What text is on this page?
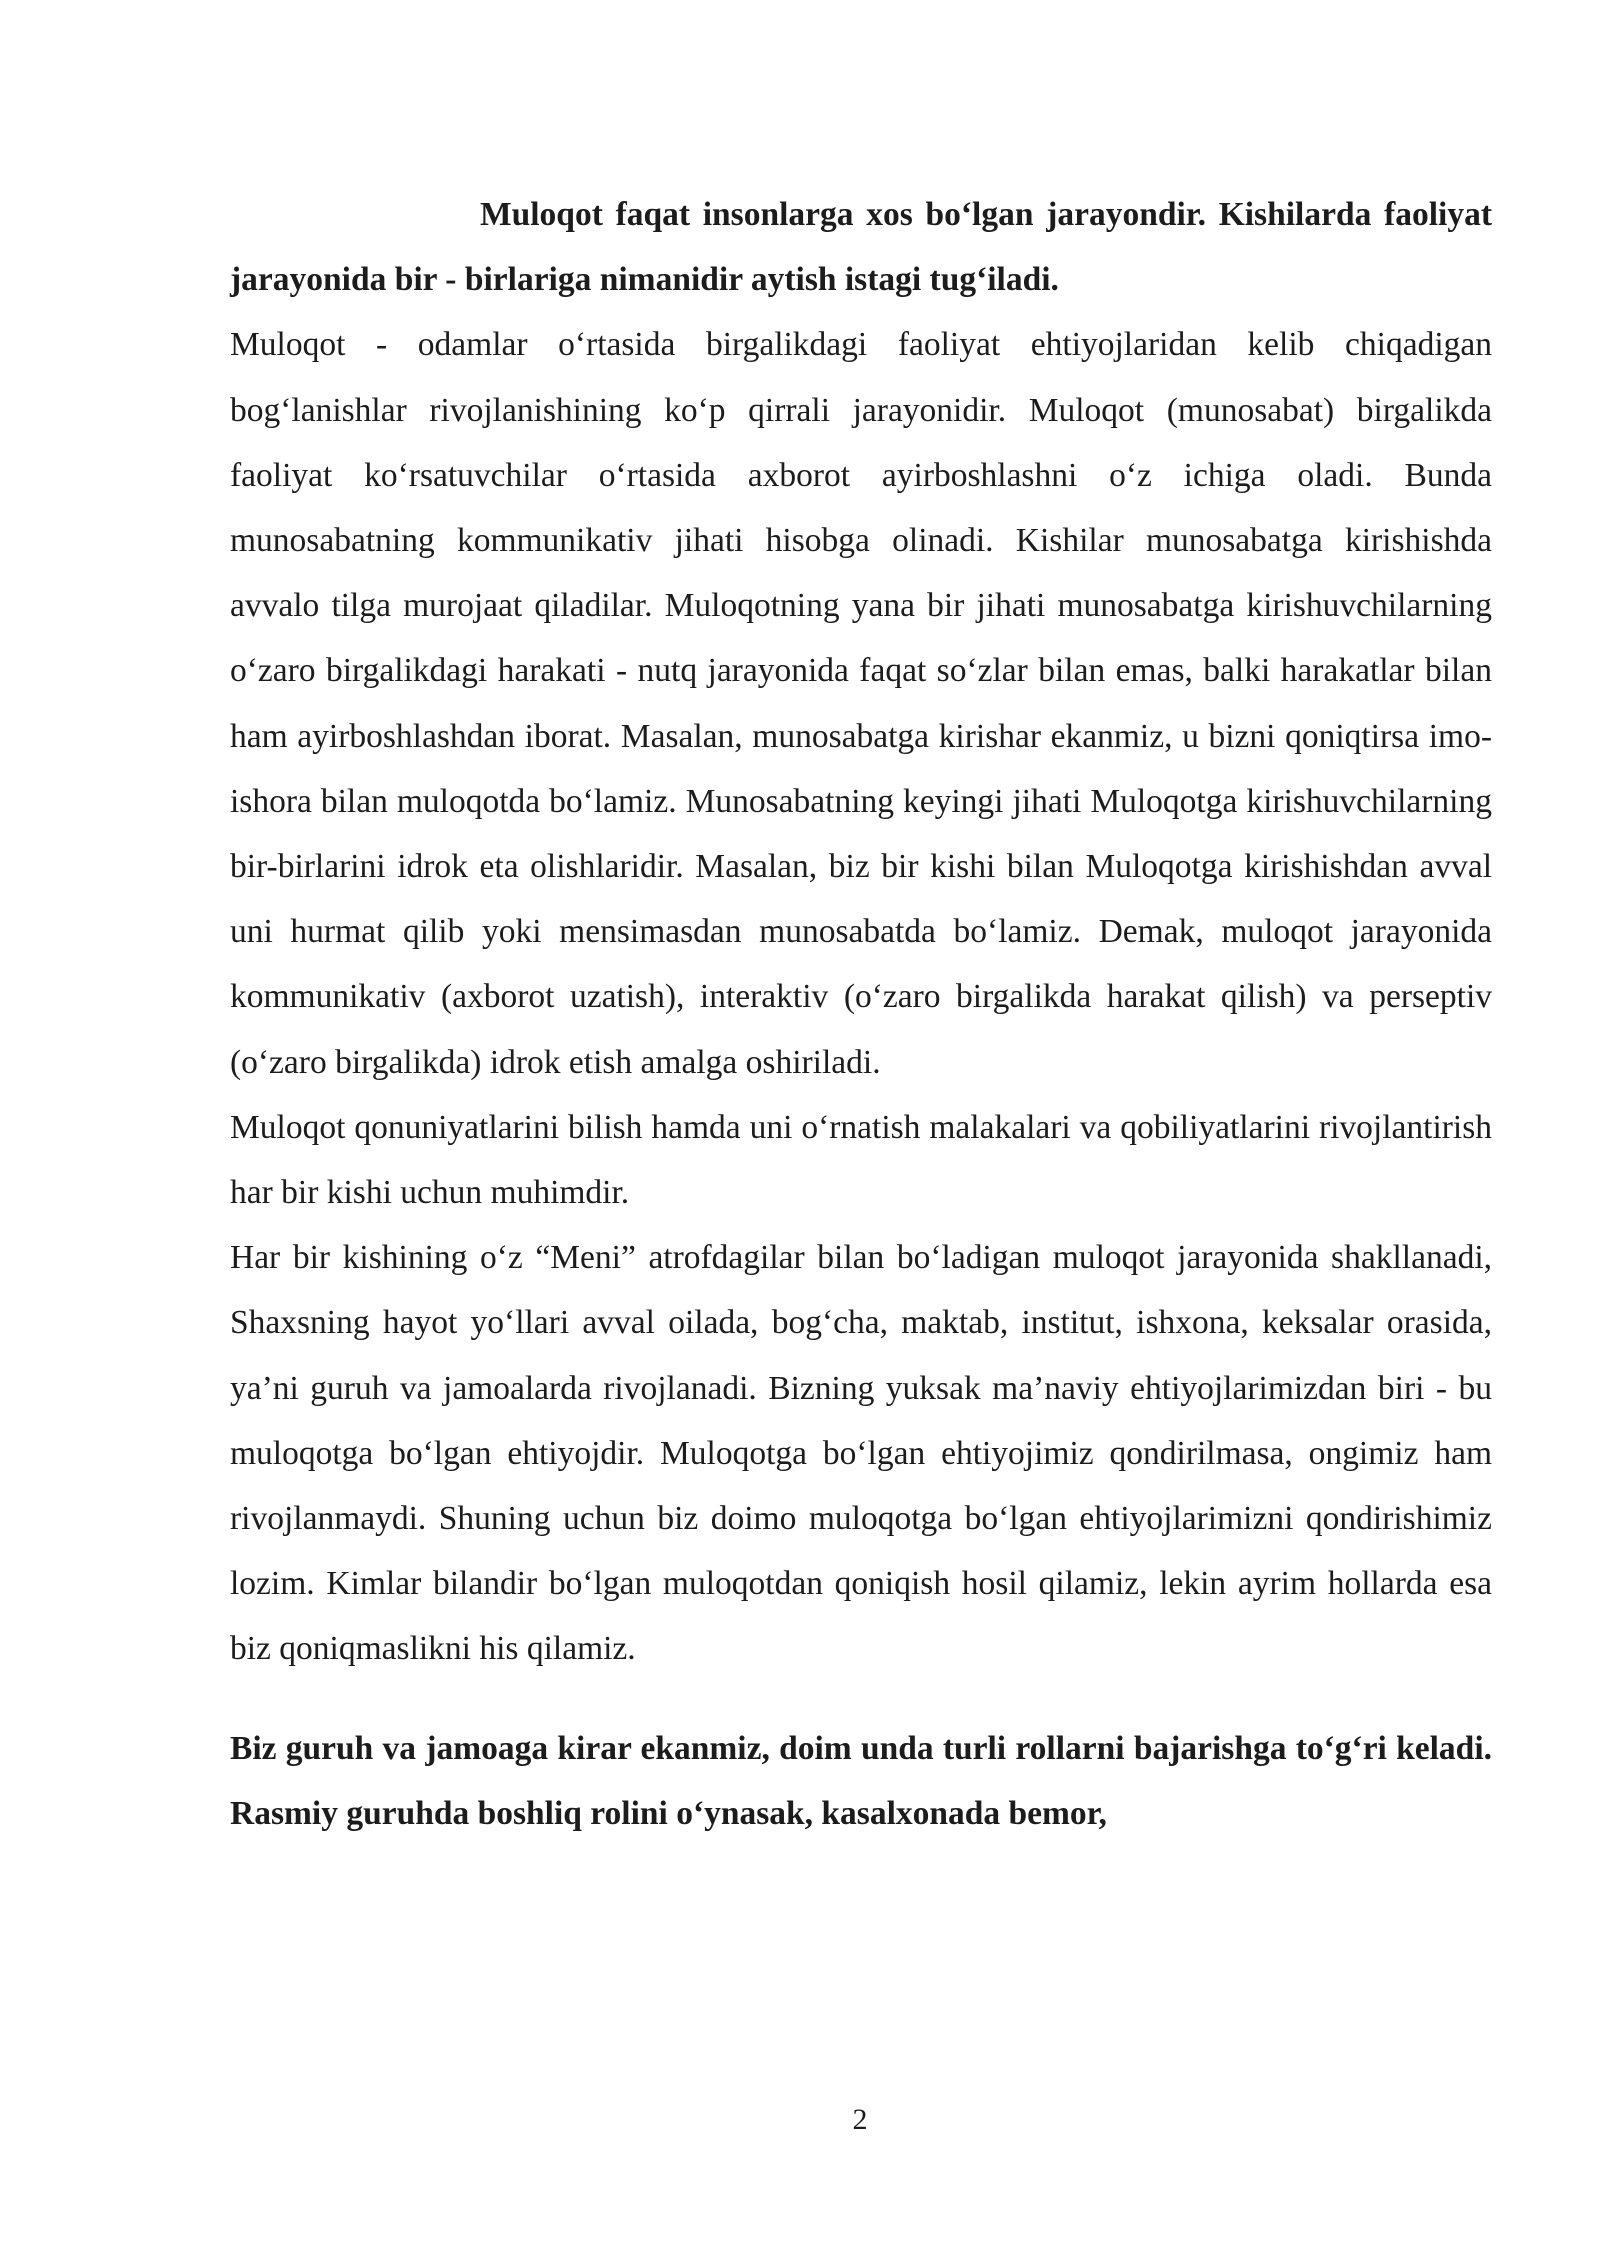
Muloqot faqat insonlarga xos bo‘lgan jarayondir. Kishilarda faoliyat jarayonida bir - birlariga nimanidir aytish istagi tug‘iladi.

Muloqot - odamlar o‘rtasida birgalikdagi faoliyat ehtiyojlaridan kelib chiqadigan bog‘lanishlar rivojlanishining ko‘p qirrali jarayonidir. Muloqot (munosabat) birgalikda faoliyat ko‘rsatuvchilar o‘rtasida axborot ayirboshlashni o‘z ichiga oladi. Bunda munosabatning kommunikativ jihati hisobga olinadi. Kishilar munosabatga kirishishda avvalo tilga murojaat qiladilar. Muloqotning yana bir jihati munosabatga kirishuvchilarning o‘zaro birgalikdagi harakati - nutq jarayonida faqat so‘zlar bilan emas, balki harakatlar bilan ham ayirboshlashdan iborat. Masalan, munosabatga kirishar ekanmiz, u bizni qoniqtirsa imo-ishora bilan muloqotda bo‘lamiz. Munosabatning keyingi jihati Muloqotga kirishuvchilarning bir-birlarini idrok eta olishlaridir. Masalan, biz bir kishi bilan Muloqotga kirishishdan avval uni hurmat qilib yoki mensimasdan munosabatda bo‘lamiz. Demak, muloqot jarayonida kommunikativ (axborot uzatish), interaktiv (o‘zaro birgalikda harakat qilish) va perseptiv (o‘zaro birgalikda) idrok etish amalga oshiriladi.

Muloqot qonuniyatlarini bilish hamda uni o‘rnatish malakalari va qobiliyatlarini rivojlantirish har bir kishi uchun muhimdir.

Har bir kishining o‘z “Meni” atrofdagilar bilan bo‘ladigan muloqot jarayonida shakllanadi, Shaxsning hayot yo‘llari avval oilada, bog‘cha, maktab, institut, ishxona, keksalar orasida, ya’ni guruh va jamoalarda rivojlanadi. Bizning yuksak ma’naviy ehtiyojlarimizdan biri - bu muloqotga bo‘lgan ehtiyojdir. Muloqotga bo‘lgan ehtiyojimiz qondirilmasa, ongimiz ham rivojlanmaydi. Shuning uchun biz doimo muloqotga bo‘lgan ehtiyojlarimizni qondirishimiz lozim. Kimlar bilandir bo‘lgan muloqotdan qoniqish hosil qilamiz, lekin ayrim hollarda esa biz qoniqmaslikni his qilamiz.

Biz guruh va jamoaga kirar ekanmiz, doim unda turli rollarni bajarishga to‘g‘ri keladi. Rasmiy guruhda boshliq rolini o‘ynasak, kasalxonada bemor,

2
